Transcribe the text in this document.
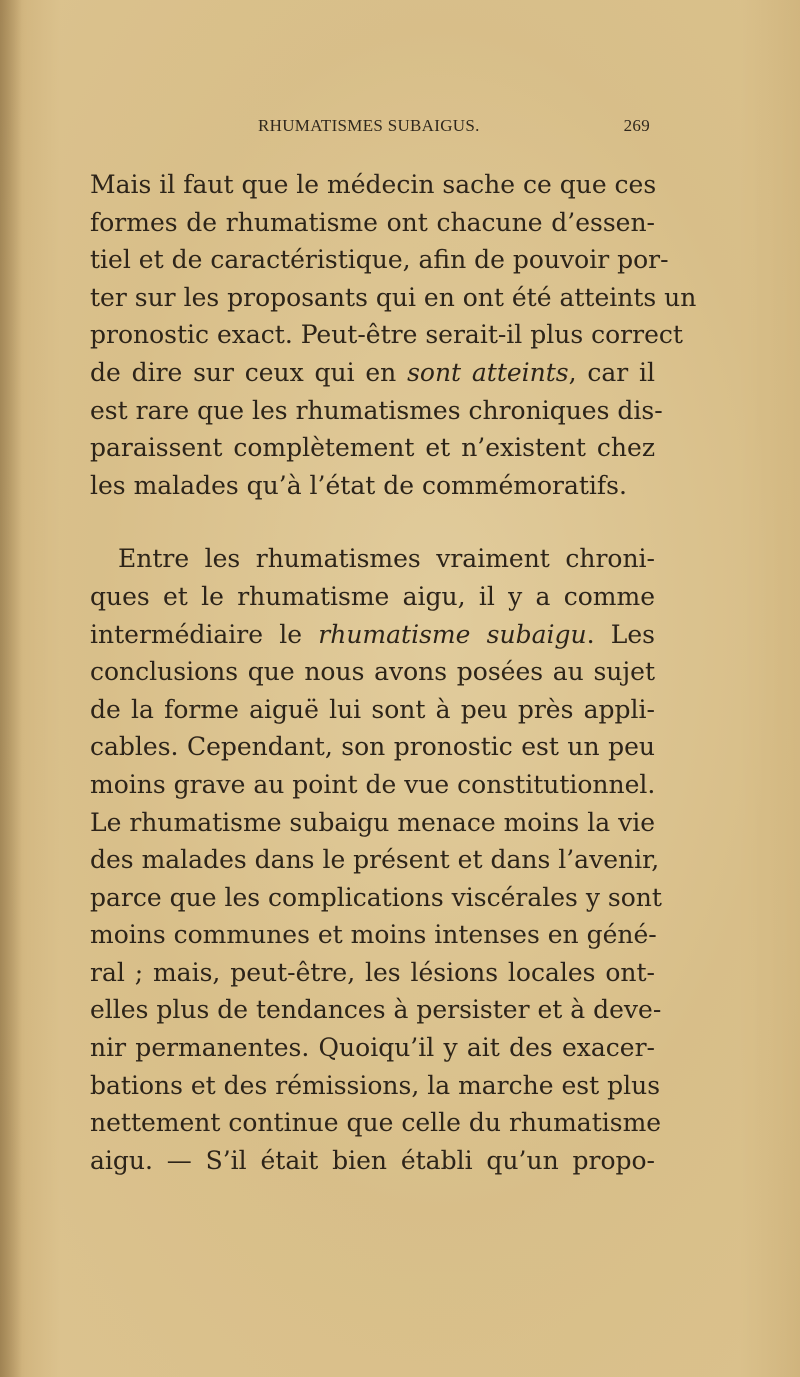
RHUMATISMES SUBAIGUS.	269
Mais il faut que le médecin sache ce que ces
formes de rhumatisme ont chacune d’essen-
tiel et de caractéristique, afin de pouvoir por-
ter sur les proposants qui en ont été atteints un
pronostic exact. Peut-être serait-il plus correct
de dire sur ceux qui en sont atteints, car il
est rare que les rhumatismes chroniques dis-
paraissent complètement et n’existent chez
les malades qu’à l’état de commémoratifs.
Entre les rhumatismes vraiment chroni-
ques et le rhumatisme aigu, il y a comme
intermédiaire le rhumatisme subaigu. Les
conclusions que nous avons posées au sujet
de la forme aiguë lui sont à peu près appli-
cables. Cependant, son pronostic est un peu
moins grave au point de vue constitutionnel.
Le rhumatisme subaigu menace moins la vie
des malades dans le présent et dans l’avenir,
parce que les complications viscérales y sont
moins communes et moins intenses en géné-
ral ; mais, peut-être, les lésions locales ont-
elles plus de tendances à persister et à deve-
nir permanentes. Quoiqu’il y ait des exacer-
bations et des rémissions, la marche est plus
nettement continue que celle du rhumatisme
aigu. — S’il était bien établi qu’un propo-
